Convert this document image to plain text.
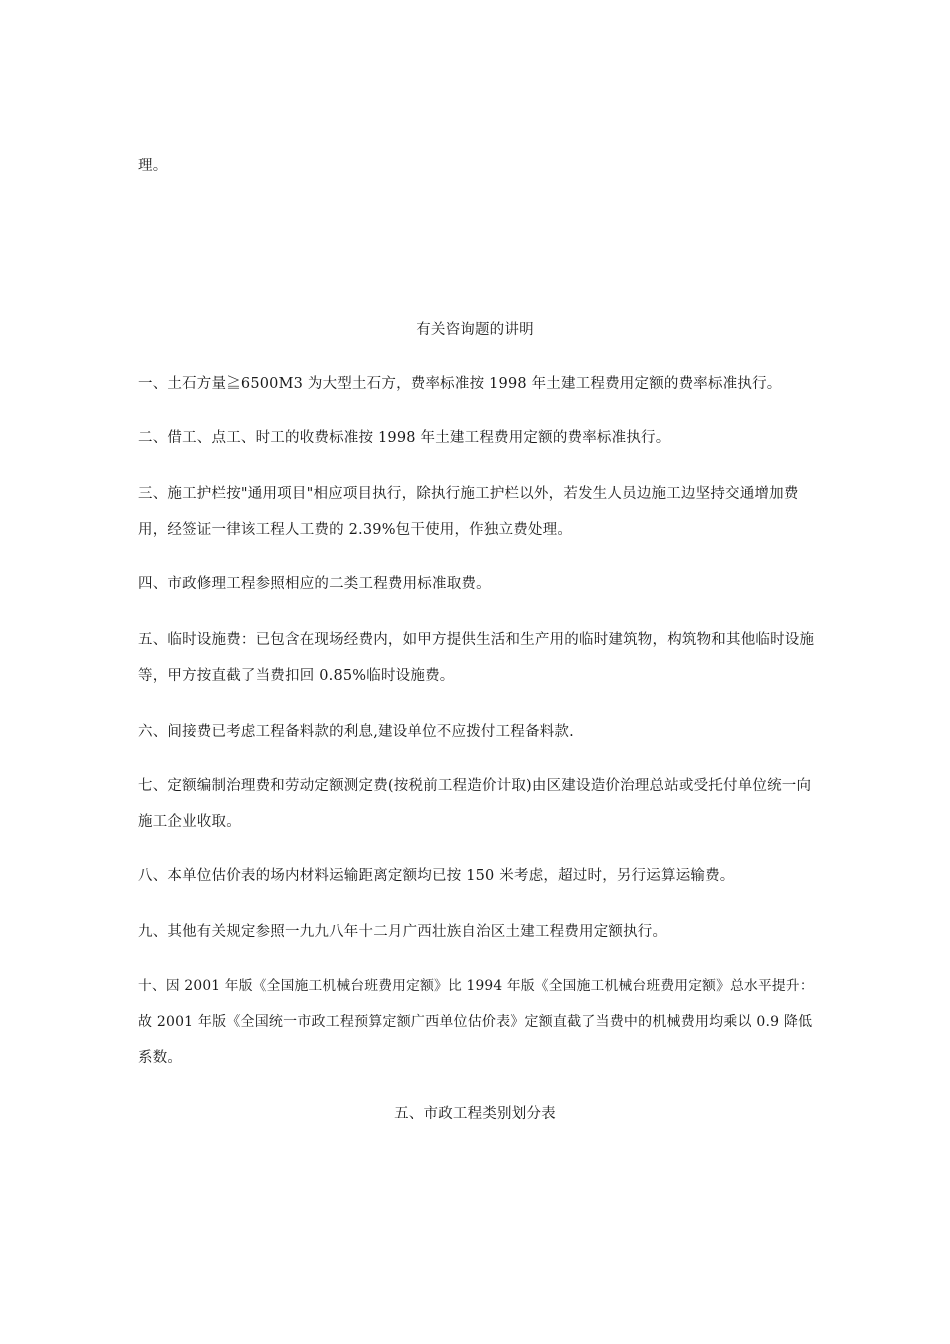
理。
有关咨询题的讲明
一、土石方量≧6500M3 为大型土石方，费率标准按 1998 年土建工程费用定额的费率标准执行。
二、借工、点工、时工的收费标准按 1998 年土建工程费用定额的费率标准执行。
三、施工护栏按"通用项目"相应项目执行，除执行施工护栏以外，若发生人员边施工边坚持交通增加费
用，经签证一律该工程人工费的 2.39%包干使用，作独立费处理。
四、市政修理工程参照相应的二类工程费用标准取费。
五、临时设施费：已包含在现场经费内，如甲方提供生活和生产用的临时建筑物，构筑物和其他临时设施
等，甲方按直截了当费扣回 0.85%临时设施费。
六、间接费已考虑工程备料款的利息,建设单位不应拨付工程备料款.
七、定额编制治理费和劳动定额测定费(按税前工程造价计取)由区建设造价治理总站或受托付单位统一向
施工企业收取。
八、本单位估价表的场内材料运输距离定额均已按 150 米考虑，超过时，另行运算运输费。
九、其他有关规定参照一九九八年十二月广西壮族自治区土建工程费用定额执行。
十、因 2001 年版《全国施工机械台班费用定额》比 1994 年版《全国施工机械台班费用定额》总水平提升：
故 2001 年版《全国统一市政工程预算定额广西单位估价表》定额直截了当费中的机械费用均乘以 0.9 降低
系数。
五、市政工程类别划分表
